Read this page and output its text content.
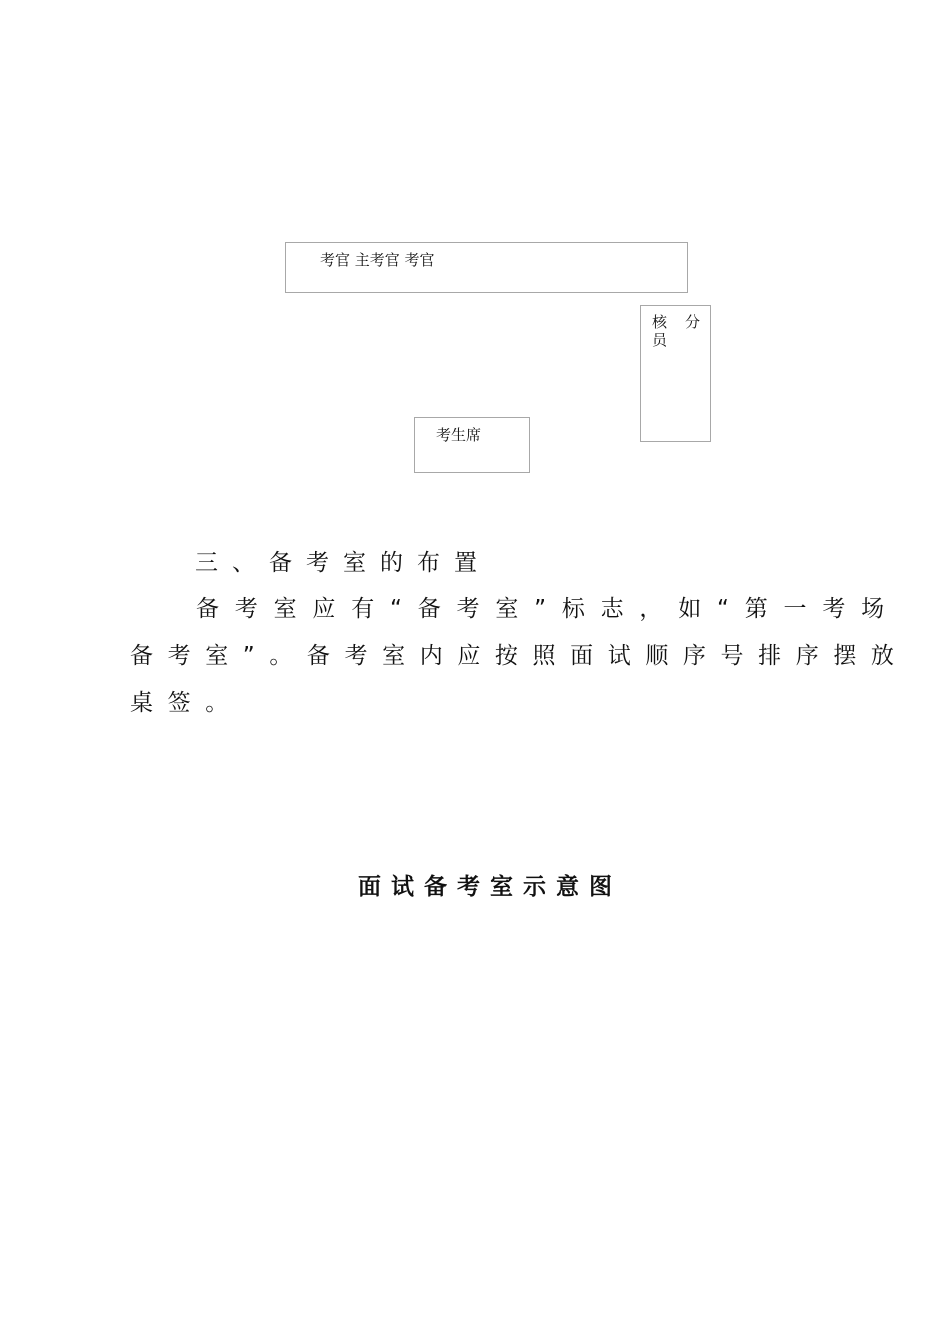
考官 主考官 考官
核 分
员
考生席
三、备考室的布置
备考室应有“备考室”标志，如“第一考场
备考室”。备考室内应按照面试顺序号排序摆放
桌签。
面试备考室示意图
